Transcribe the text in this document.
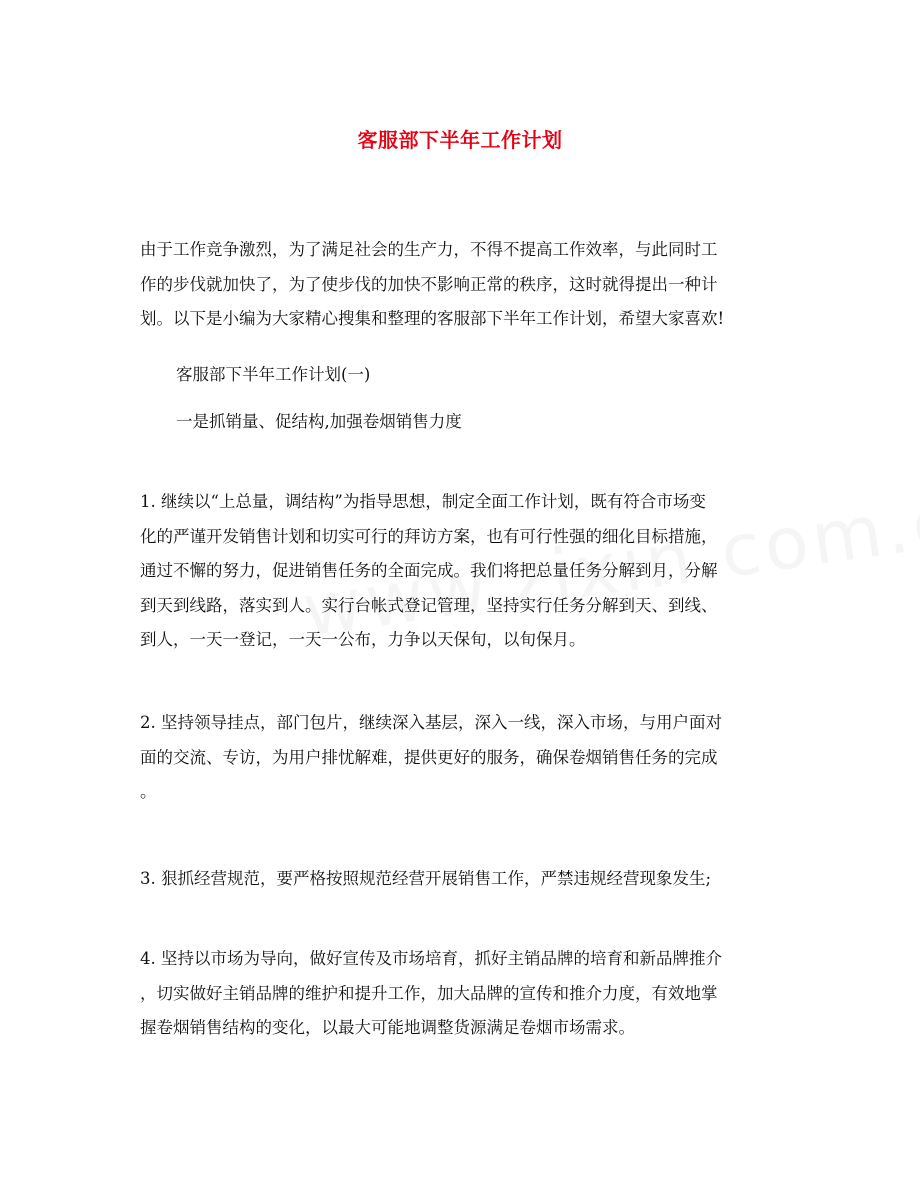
客服部下半年工作计划
由于工作竞争激烈，为了满足社会的生产力，不得不提高工作效率，与此同时工
作的步伐就加快了，为了使步伐的加快不影响正常的秩序，这时就得提出一种计
划。以下是小编为大家精心搜集和整理的客服部下半年工作计划，希望大家喜欢!
客服部下半年工作计划(一)
一是抓销量、促结构,加强卷烟销售力度
1. 继续以“上总量，调结构”为指导思想，制定全面工作计划，既有符合市场变
化的严谨开发销售计划和切实可行的拜访方案，也有可行性强的细化目标措施，
通过不懈的努力，促进销售任务的全面完成。我们将把总量任务分解到月，分解
到天到线路，落实到人。实行台帐式登记管理，坚持实行任务分解到天、到线、
到人，一天一登记，一天一公布，力争以天保旬，以旬保月。
2. 坚持领导挂点，部门包片，继续深入基层，深入一线，深入市场，与用户面对
面的交流、专访，为用户排忧解难，提供更好的服务，确保卷烟销售任务的完成
。
3. 狠抓经营规范，要严格按照规范经营开展销售工作，严禁违规经营现象发生;
4. 坚持以市场为导向，做好宣传及市场培育，抓好主销品牌的培育和新品牌推介
，切实做好主销品牌的维护和提升工作，加大品牌的宣传和推介力度，有效地掌
握卷烟销售结构的变化，以最大可能地调整货源满足卷烟市场需求。
